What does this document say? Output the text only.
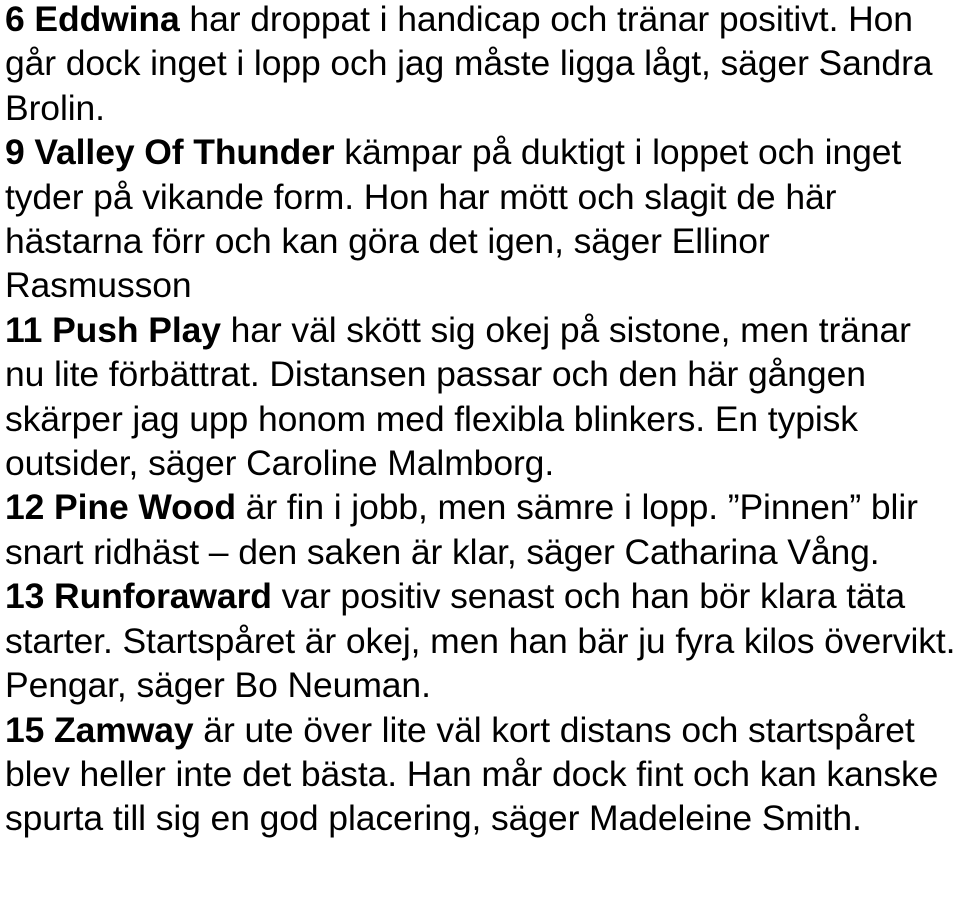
6 Eddwina har droppat i handicap och tränar positivt. Hon går dock inget i lopp och jag måste ligga lågt, säger Sandra Brolin.

9 Valley Of Thunder kämpar på duktigt i loppet och inget tyder på vikande form. Hon har mött och slagit de här hästarna förr och kan göra det igen, säger Ellinor Rasmusson

11 Push Play har väl skött sig okej på sistone, men tränar nu lite förbättrat. Distansen passar och den här gången skärper jag upp honom med flexibla blinkers. En typisk outsider, säger Caroline Malmborg.

12 Pine Wood är fin i jobb, men sämre i lopp. ”Pinnen” blir snart ridhäst – den saken är klar, säger Catharina Vång.

13 Runforaward var positiv senast och han bör klara täta starter. Startspåret är okej, men han bär ju fyra kilos övervikt. Pengar, säger Bo Neuman.

15 Zamway är ute över lite väl kort distans och startspåret blev heller inte det bästa. Han mår dock fint och kan kanske spurta till sig en god placering, säger Madeleine Smith.
